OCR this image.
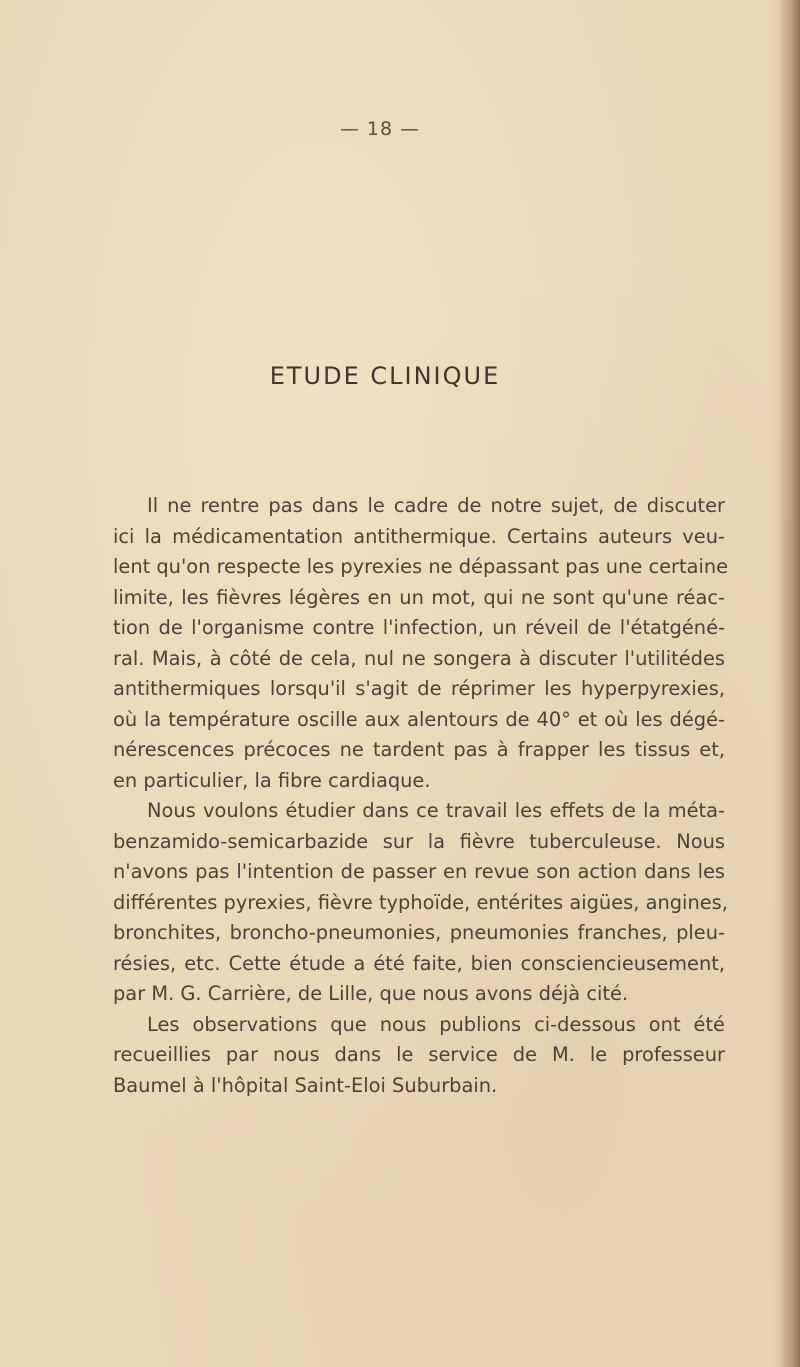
— 18 —
ETUDE CLINIQUE
Il ne rentre pas dans le cadre de notre sujet, de discuter
ici la médicamentation antithermique. Certains auteurs veu-
lent qu'on respecte les pyrexies ne dépassant pas une certaine
limite, les fièvres légères en un mot, qui ne sont qu'une réac-
tion de l'organisme contre l'infection, un réveil de l'étatgéné-
ral. Mais, à côté de cela, nul ne songera à discuter l'utilitédes
antithermiques lorsqu'il s'agit de réprimer les hyperpyrexies,
où la température oscille aux alentours de 40° et où les dégé-
nérescences précoces ne tardent pas à frapper les tissus et,
en particulier, la fibre cardiaque.
Nous voulons étudier dans ce travail les effets de la méta-
benzamido-semicarbazide sur la fièvre tuberculeuse. Nous
n'avons pas l'intention de passer en revue son action dans les
différentes pyrexies, fièvre typhoïde, entérites aigües, angines,
bronchites, broncho-pneumonies, pneumonies franches, pleu-
résies, etc. Cette étude a été faite, bien consciencieusement,
par M. G. Carrière, de Lille, que nous avons déjà cité.
Les observations que nous publions ci-dessous ont été
recueillies par nous dans le service de M. le professeur
Baumel à l'hôpital Saint-Eloi Suburbain.
